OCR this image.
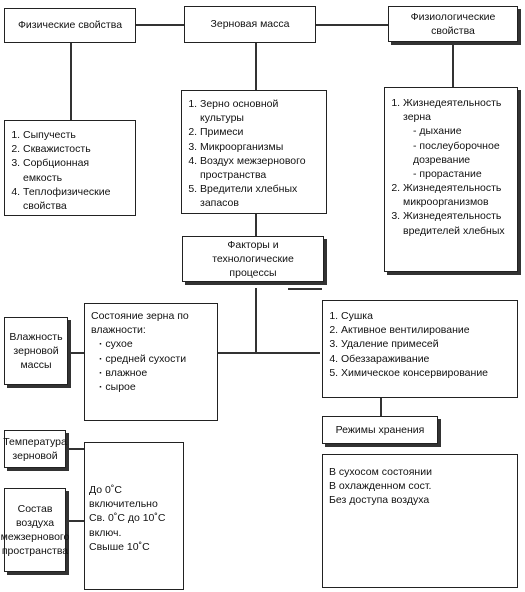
Физические свойства	Зерновая масса
Физиологические свойства
1. Сыпучесть
2. Скважистость
3. Сорбционная емкость
4. Теплофизические свойства
1. Зерно основной культуры
2. Примеси
3. Микроорганизмы
4. Воздух межзернового пространства
5. Вредители хлебных запасов
1. Жизнедеятельность зерна
- дыхание
- послеуборочное дозревание
- прорастание
2. Жизнедеятельность микроорганизмов
3. Жизнедеятельность вредителей хлебных
Факторы и технологические процессы
Влажность зерновой массы
Состояние зерна по влажности:
· сухое
· средней сухости
· влажное
· сырое
1. Сушка
2. Активное вентилирование
3. Удаление примесей
4. Обеззараживание
5. Химическое консервирование
Температура зерновой
До 0˚С включительно
Св. 0˚С до 10˚С
включ.
Свыше 10˚С
Состав воздуха межзернового пространства
Режимы хранения
В сухосом состоянии
В охлажденном сост.
Без доступа воздуха
